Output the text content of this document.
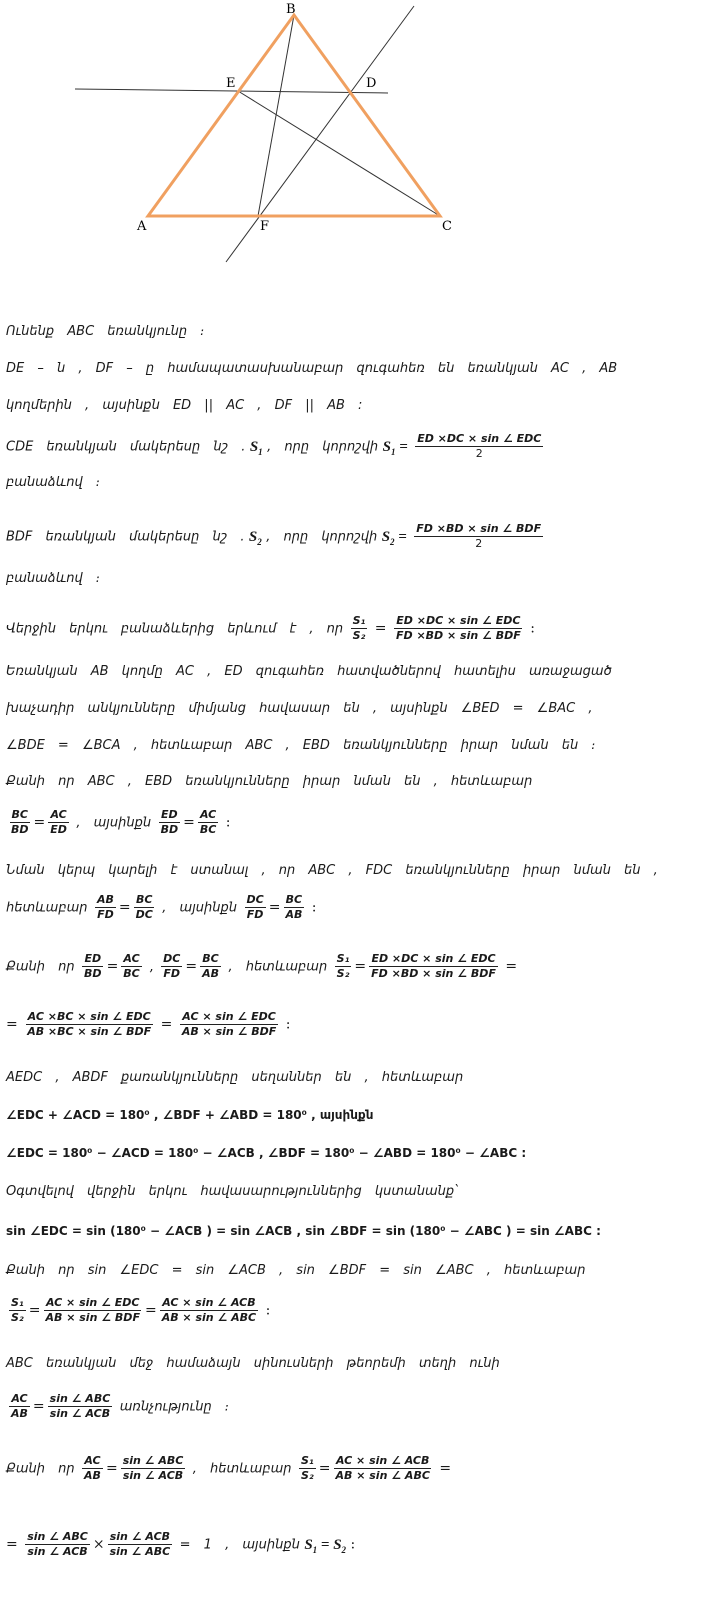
B
E	D
A	F	C
Ունենք ABC եռանկյունը ։
DE – ն , DF – ը համապատասխանաբար զուգահեռ են եռանկյան AC , AB
կողմերին , այսինքն ED || AC , DF || AB :
CDE եռանկյան մակերեսը նշ . $S_1$ , որը կորոշվի $S_1 = \frac{\text{ED ×DC × sin ∠ EDC}}{2}$
բանաձևով ։
BDF եռանկյան մակերեսը նշ . $S_2$ , որը կորոշվի $S_2 = \frac{\text{FD ×BD × sin ∠ BDF}}{2}$
բանաձևով ։
Վերջին երկու բանաձևերից երևում է , որ $\frac{\text{S₁}}{\text{S₂}} = \frac{\text{ED ×DC × sin ∠ EDC}}{\text{FD ×BD × sin ∠ BDF}}$ :
Եռանկյան AB կողմը AC , ED զուգահեռ հատվածներով հատելիս առաջացած
խաչադիր անկյունները միմյանց հավասար են , այսինքն ∠BED = ∠BAC ,
∠BDE = ∠BCA , հետևաբար ABC , EBD եռանկյունները իրար նման են ։
Քանի որ ABC , EBD եռանկյունները իրար նման են , հետևաբար
$\frac{BC}{BD} = \frac{AC}{ED}$ , այսինքն $\frac{ED}{BD} = \frac{AC}{BC}$ :
Նման կերպ կարելի է ստանալ , որ ABC , FDC եռանկյունները իրար նման են ,
հետևաբար $\frac{AB}{FD} = \frac{BC}{DC}$ , այսինքն $\frac{DC}{FD} = \frac{BC}{AB}$ :
Քանի որ $\frac{ED}{BD} = \frac{AC}{BC}$ , $\frac{DC}{FD} = \frac{BC}{AB}$ , հետևաբար $\frac{\text{S₁}}{\text{S₂}} = \frac{\text{ED ×DC × sin ∠ EDC}}{\text{FD ×BD × sin ∠ BDF}}$ =
= $\frac{\text{AC ×BC × sin ∠ EDC}}{\text{AB ×BC × sin ∠ BDF}} = \frac{\text{AC × sin ∠ EDC}}{\text{AB × sin ∠ BDF}}$ :
AEDC , ABDF քառանկյունները սեղաններ են , հետևաբար
∠EDC + ∠ACD = 180⁰ , ∠BDF + ∠ABD = 180⁰ , այսինքն
∠EDC = 180⁰ − ∠ACD = 180⁰ − ∠ACB , ∠BDF = 180⁰ − ∠ABD = 180⁰ − ∠ABC :
Օգտվելով վերջին երկու հավասարություններից կստանանք՝
sin ∠EDC = sin (180⁰ − ∠ACB ) = sin ∠ACB , sin ∠BDF = sin (180⁰ − ∠ABC ) = sin ∠ABC :
Քանի որ sin ∠EDC = sin ∠ACB , sin ∠BDF = sin ∠ABC , հետևաբար
$\frac{\text{S₁}}{\text{S₂}} = \frac{\text{AC × sin ∠ EDC}}{\text{AB × sin ∠ BDF}} = \frac{\text{AC × sin ∠ ACB}}{\text{AB × sin ∠ ABC}}$ :
ABC եռանկյան մեջ համաձայն սինուսների թեորեմի տեղի ունի
$\frac{AC}{AB} = \frac{\text{sin ∠ ABC}}{\text{sin ∠ ACB}}$ առնչությունը ։
Քանի որ $\frac{AC}{AB} = \frac{\text{sin ∠ ABC}}{\text{sin ∠ ACB}}$ , հետևաբար $\frac{\text{S₁}}{\text{S₂}} = \frac{\text{AC × sin ∠ ACB}}{\text{AB × sin ∠ ABC}}$ =
= $\frac{\text{sin ∠ ABC}}{\text{sin ∠ ACB}} \times \frac{\text{sin ∠ ACB}}{\text{sin ∠ ABC}} = 1$ , այսինքն $S_1 = S_2$ :
